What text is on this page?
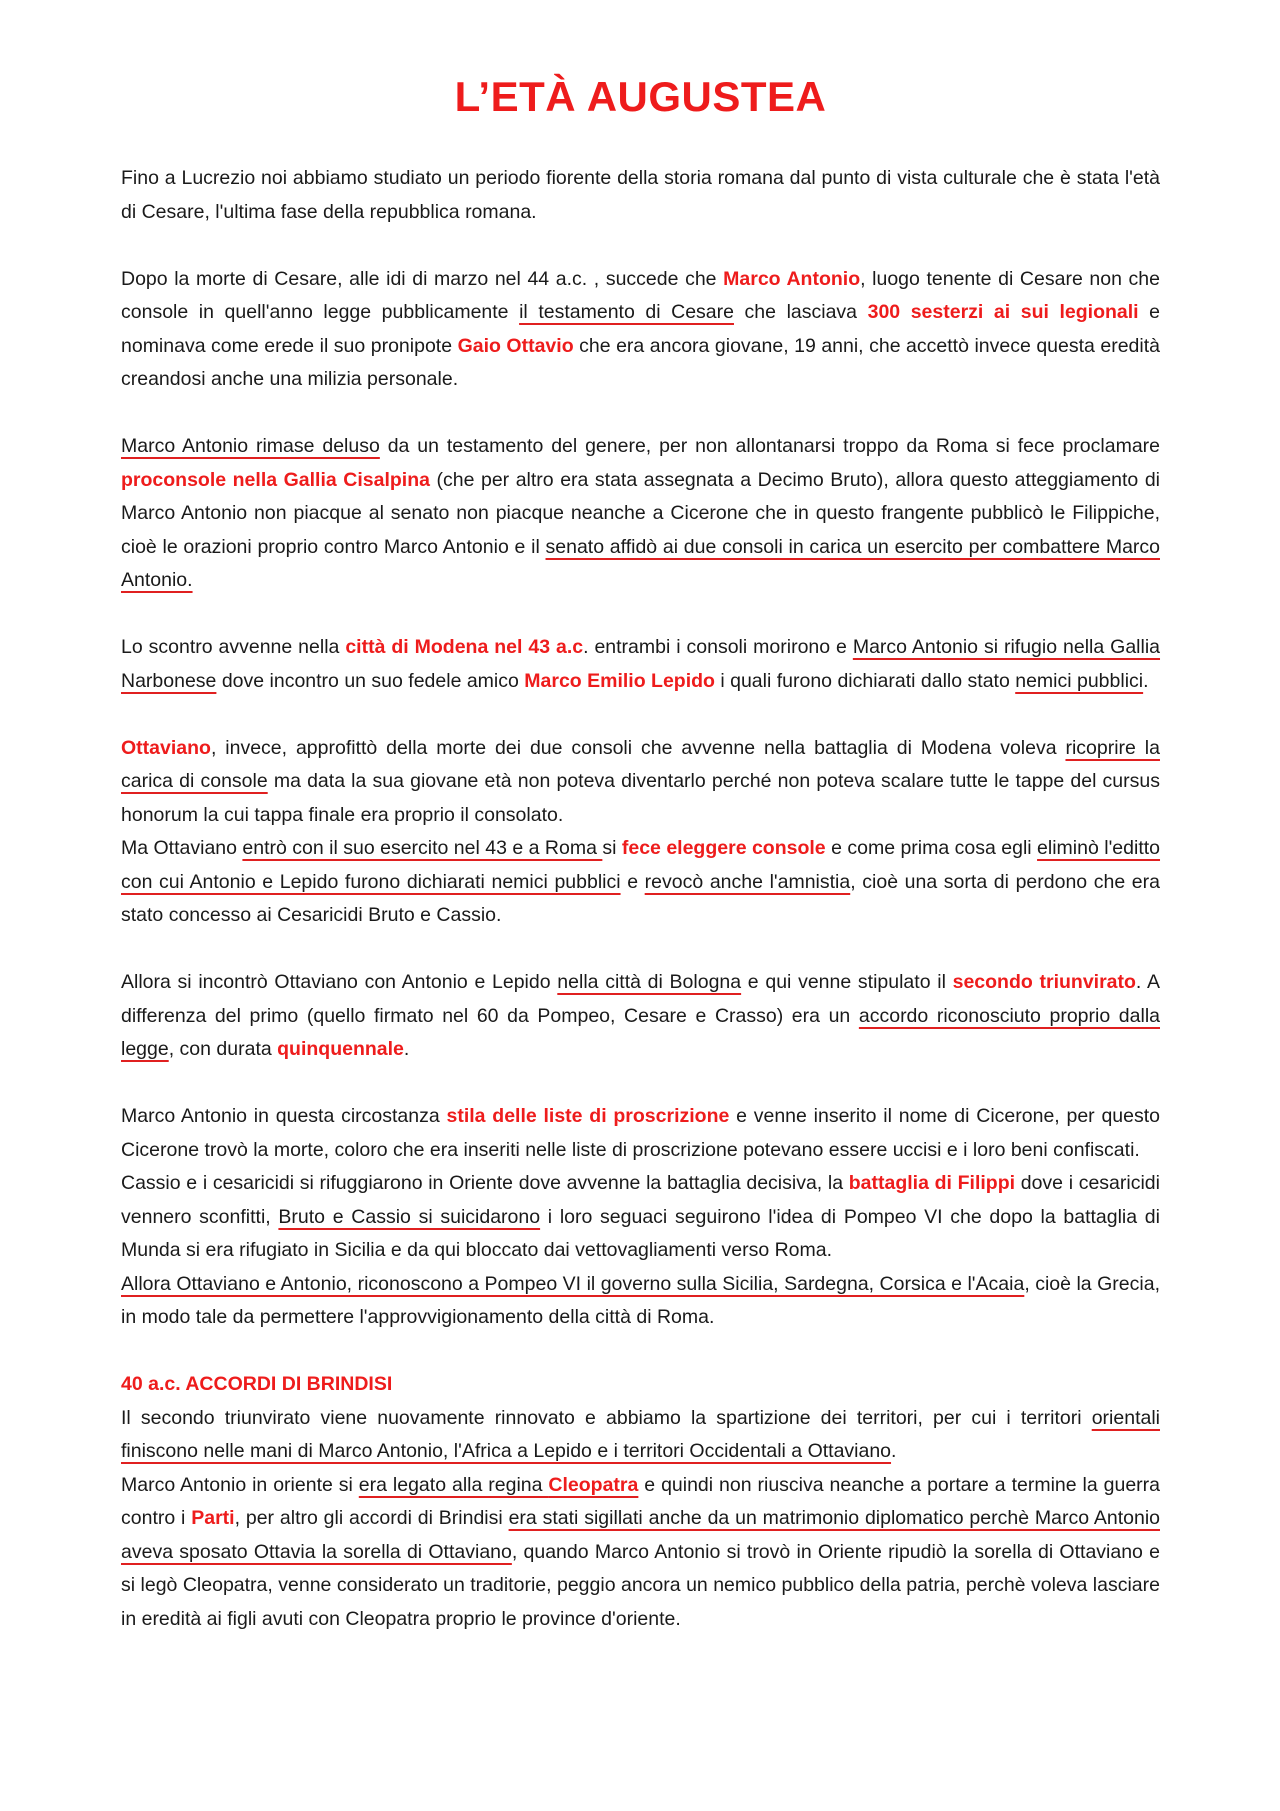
L’ETÀ AUGUSTEA

Fino a Lucrezio noi abbiamo studiato un periodo fiorente della storia romana dal punto di vista culturale che è stata l'età di Cesare, l'ultima fase della repubblica romana.

Dopo la morte di Cesare, alle idi di marzo nel 44 a.c. , succede che Marco Antonio, luogo tenente di Cesare non che console in quell'anno legge pubblicamente il testamento di Cesare che lasciava 300 sesterzi ai sui legionali e nominava come erede il suo pronipote Gaio Ottavio che era ancora giovane, 19 anni, che accettò invece questa eredità creandosi anche una milizia personale.

Marco Antonio rimase deluso da un testamento del genere, per non allontanarsi troppo da Roma si fece proclamare proconsole nella Gallia Cisalpina (che per altro era stata assegnata a Decimo Bruto), allora questo atteggiamento di Marco Antonio non piacque al senato non piacque neanche a Cicerone che in questo frangente pubblicò le Filippiche, cioè le orazioni proprio contro Marco Antonio e il senato affidò ai due consoli in carica un esercito per combattere Marco Antonio.

Lo scontro avvenne nella città di Modena nel 43 a.c. entrambi i consoli morirono e Marco Antonio si rifugio nella Gallia Narbonese dove incontro un suo fedele amico Marco Emilio Lepido i quali furono dichiarati dallo stato nemici pubblici.

Ottaviano, invece, approfittò della morte dei due consoli che avvenne nella battaglia di Modena voleva ricoprire la carica di console ma data la sua giovane età non poteva diventarlo perché non poteva scalare tutte le tappe del cursus honorum la cui tappa finale era proprio il consolato.

Ma Ottaviano entrò con il suo esercito nel 43 e a Roma si fece eleggere console e come prima cosa egli eliminò l'editto con cui Antonio e Lepido furono dichiarati nemici pubblici e revocò anche l'amnistia, cioè una sorta di perdono che era stato concesso ai Cesaricidi Bruto e Cassio.

Allora si incontrò Ottaviano con Antonio e Lepido nella città di Bologna e qui venne stipulato il secondo triunvirato. A differenza del primo (quello firmato nel 60 da Pompeo, Cesare e Crasso) era un accordo riconosciuto proprio dalla legge, con durata quinquennale.

Marco Antonio in questa circostanza stila delle liste di proscrizione e venne inserito il nome di Cicerone, per questo Cicerone trovò la morte, coloro che era inseriti nelle liste di proscrizione potevano essere uccisi e i loro beni confiscati.

Cassio e i cesaricidi si rifuggiarono in Oriente dove avvenne la battaglia decisiva, la battaglia di Filippi dove i cesaricidi vennero sconfitti, Bruto e Cassio si suicidarono i loro seguaci seguirono l'idea di Pompeo VI che dopo la battaglia di Munda si era rifugiato in Sicilia e da qui bloccato dai vettovagliamenti verso Roma.

Allora Ottaviano e Antonio, riconoscono a Pompeo VI il governo sulla Sicilia, Sardegna, Corsica e l'Acaia, cioè la Grecia, in modo tale da permettere l'approvvigionamento della città di Roma.

40 a.c. ACCORDI DI BRINDISI

Il secondo triunvirato viene nuovamente rinnovato e abbiamo la spartizione dei territori, per cui i territori orientali finiscono nelle mani di Marco Antonio, l'Africa a Lepido e i territori Occidentali a Ottaviano.

Marco Antonio in oriente si era legato alla regina Cleopatra e quindi non riusciva neanche a portare a termine la guerra contro i Parti, per altro gli accordi di Brindisi era stati sigillati anche da un matrimonio diplomatico perchè Marco Antonio aveva sposato Ottavia la sorella di Ottaviano, quando Marco Antonio si trovò in Oriente ripudiò la sorella di Ottaviano e si legò Cleopatra, venne considerato un traditorie, peggio ancora un nemico pubblico della patria, perchè voleva lasciare in eredità ai figli avuti con Cleopatra proprio le province d'oriente.
